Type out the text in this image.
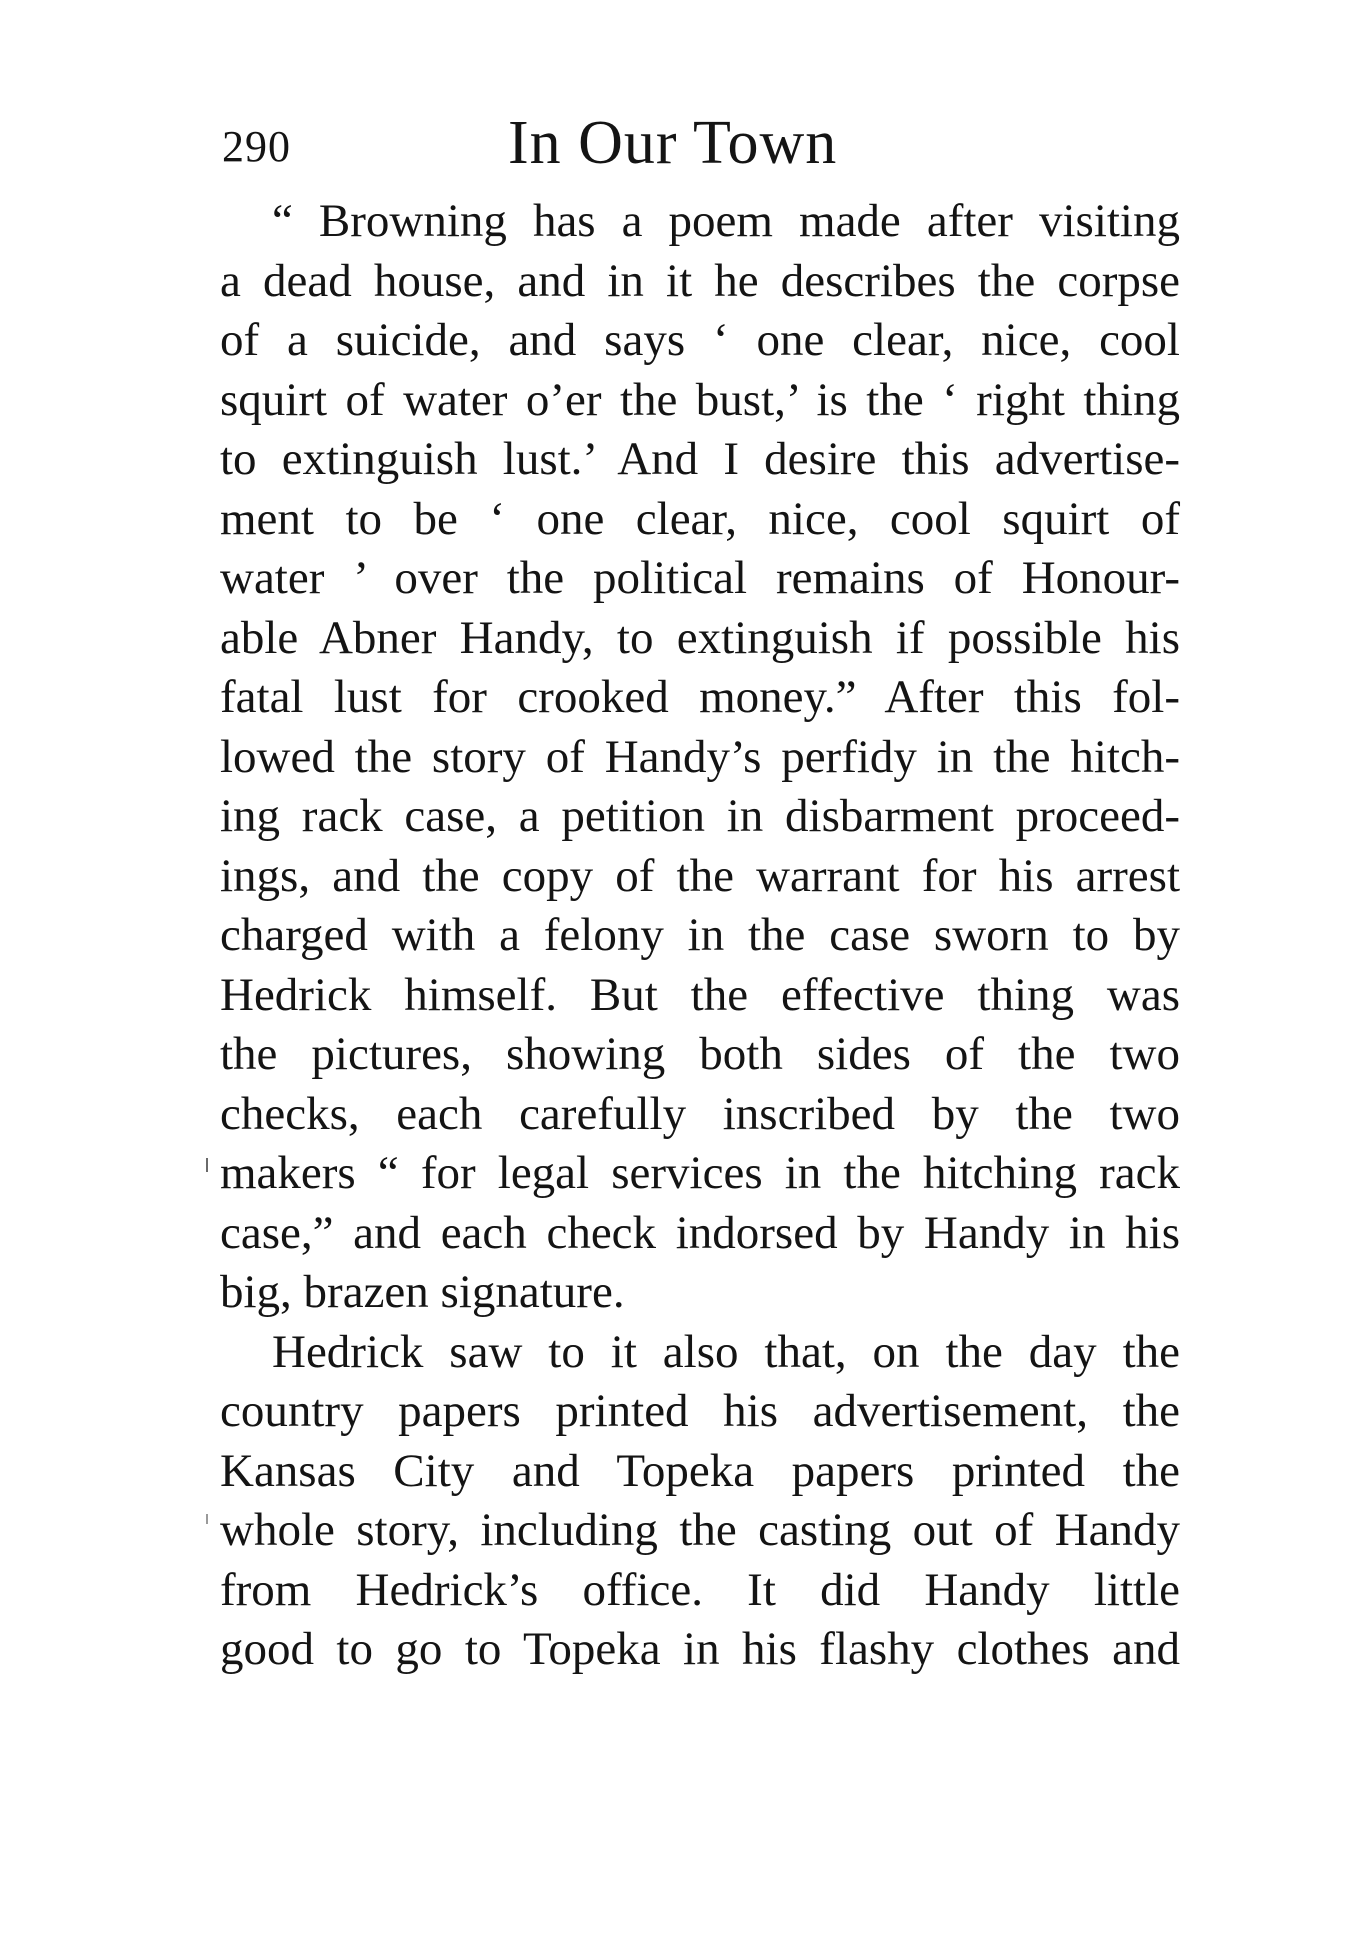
290	In Our Town
“ Browning has a poem made after visiting
a dead house, and in it he describes the corpse
of a suicide, and says ‘ one clear, nice, cool
squirt of water o’er the bust,’ is the ‘ right thing
to extinguish lust.’ And I desire this advertise-
ment to be ‘ one clear, nice, cool squirt of
water ’ over the political remains of Honour-
able Abner Handy, to extinguish if possible his
fatal lust for crooked money.” After this fol-
lowed the story of Handy’s perfidy in the hitch-
ing rack case, a petition in disbarment proceed-
ings, and the copy of the warrant for his arrest
charged with a felony in the case sworn to by
Hedrick himself. But the effective thing was
the pictures, showing both sides of the two
checks, each carefully inscribed by the two
makers “ for legal services in the hitching rack
case,” and each check indorsed by Handy in his
big, brazen signature.
Hedrick saw to it also that, on the day the
country papers printed his advertisement, the
Kansas City and Topeka papers printed the
whole story, including the casting out of Handy
from Hedrick’s office. It did Handy little
good to go to Topeka in his flashy clothes and
